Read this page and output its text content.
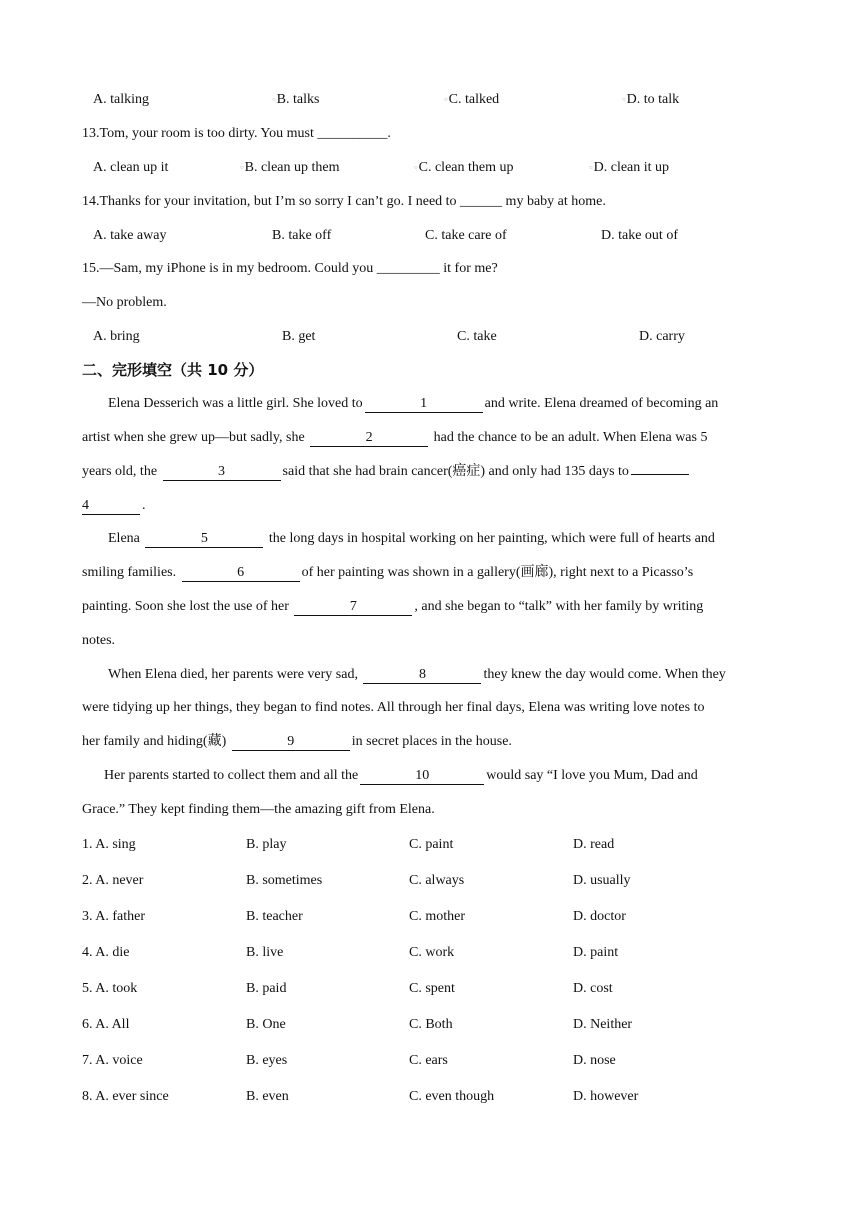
A. talking	○B. talks	○C. talked	○D. to talk
13.Tom, your room is too dirty. You must __________.
A. clean up it	○B. clean up them	○C. clean them up	○D. clean it up
14.Thanks for your invitation, but I’m so sorry I can’t go. I need to ______ my baby at home.
A. take away	B. take off	C. take care of	D. take out of
15.—Sam, my iPhone is in my bedroom. Could you _________ it for me?
—No problem.
A. bring	B. get	C. take	D. carry
二、完形填空（共 10 分）
Elena Desserich was a little girl. She loved to	1	and write. Elena dreamed of becoming an
artist when she grew up—but sadly, she	2	had the chance to be an adult. When Elena was 5
years old, the	3	said that she had brain cancer(癌症) and only had 135 days to
4	.
Elena	5	the long days in hospital working on her painting, which were full of hearts and
smiling families.	6	of her painting was shown in a gallery(画廊), right next to a Picasso’s
painting. Soon she lost the use of her	7	, and she began to “talk” with her family by writing
notes.
When Elena died, her parents were very sad,	8	they knew the day would come. When they
were tidying up her things, they began to find notes. All through her final days, Elena was writing love notes to
her family and hiding(藏)	9	in secret places in the house.
Her parents started to collect them and all the	10	would say “I love you Mum, Dad and
Grace.” They kept finding them—the amazing gift from Elena.
1. A. sing	B. play	C. paint	D. read
2. A. never	B. sometimes	C. always	D. usually
3. A. father	B. teacher	C. mother	D. doctor
4. A. die	B. live	C. work	D. paint
5. A. took	B. paid	C. spent	D. cost
6. A. All	B. One	C. Both	D. Neither
7. A. voice	B. eyes	C. ears	D. nose
8. A. ever since	B. even	C. even though	D. however
